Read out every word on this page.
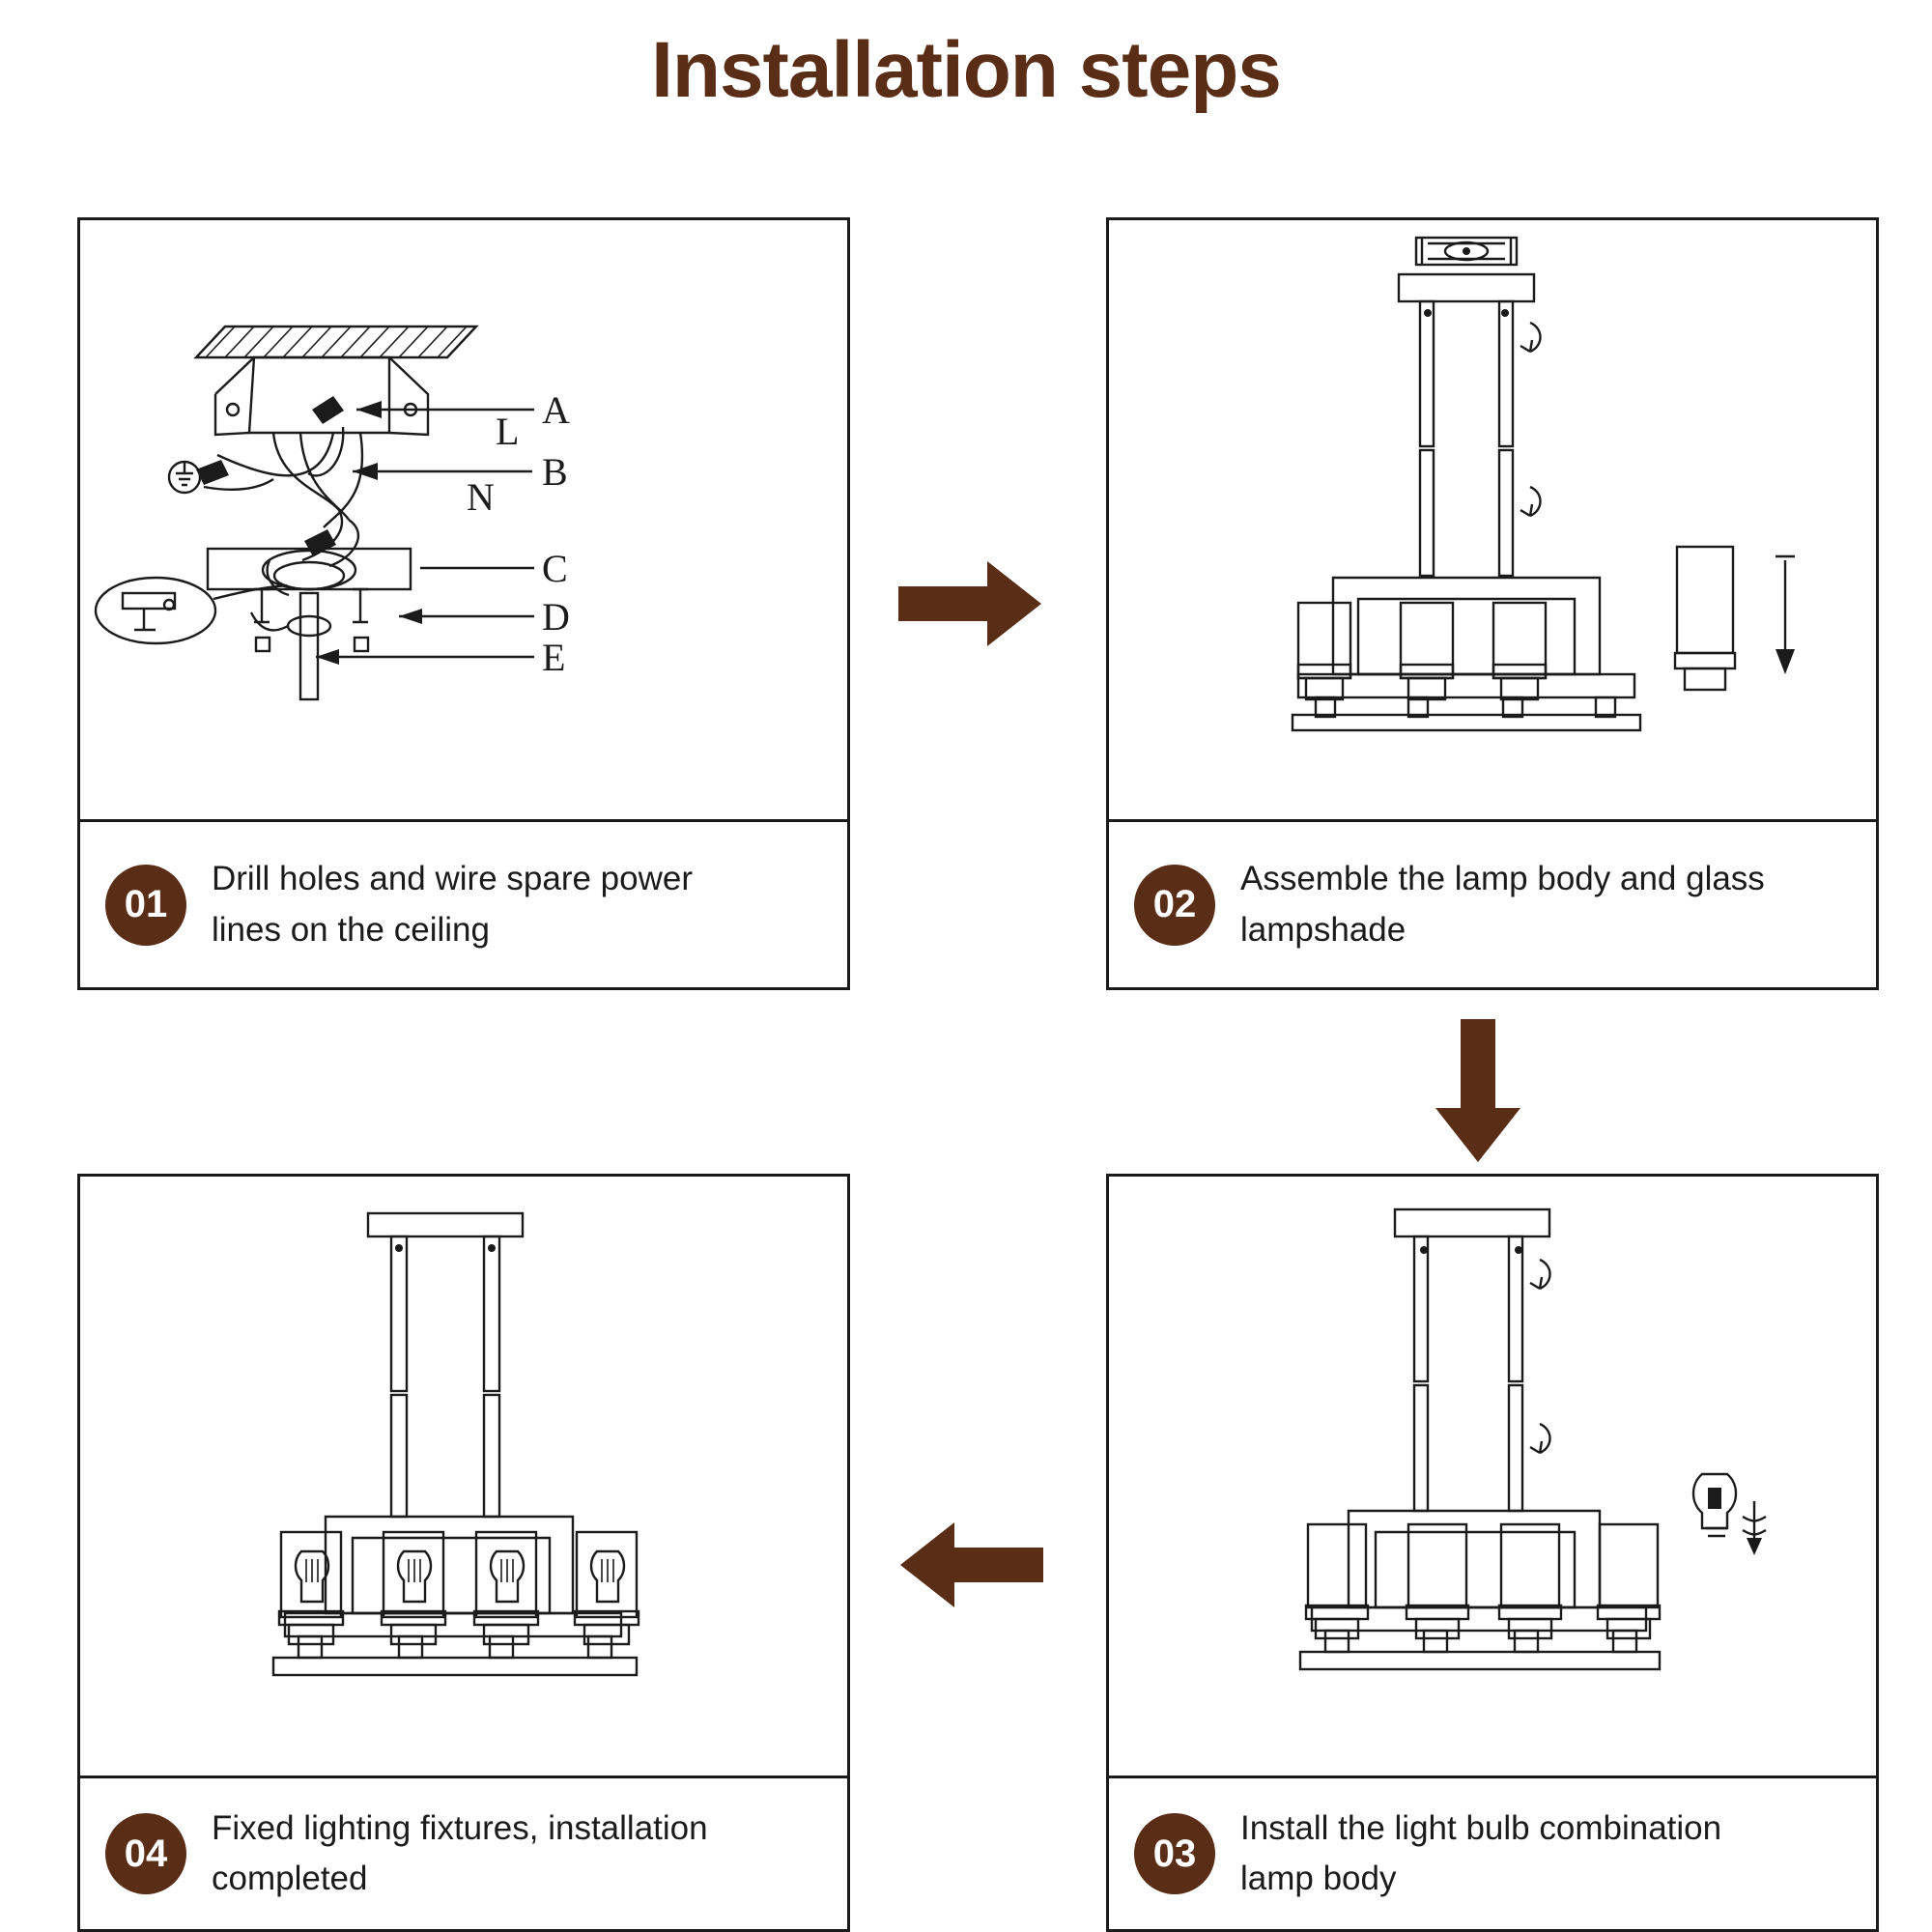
Installation steps
A
L
B
N
C
D
E
01
Drill holes and wire spare power lines on the ceiling
02
Assemble the lamp body and glass lampshade
04
Fixed lighting fixtures, installation completed
03
Install the light bulb combination lamp body
